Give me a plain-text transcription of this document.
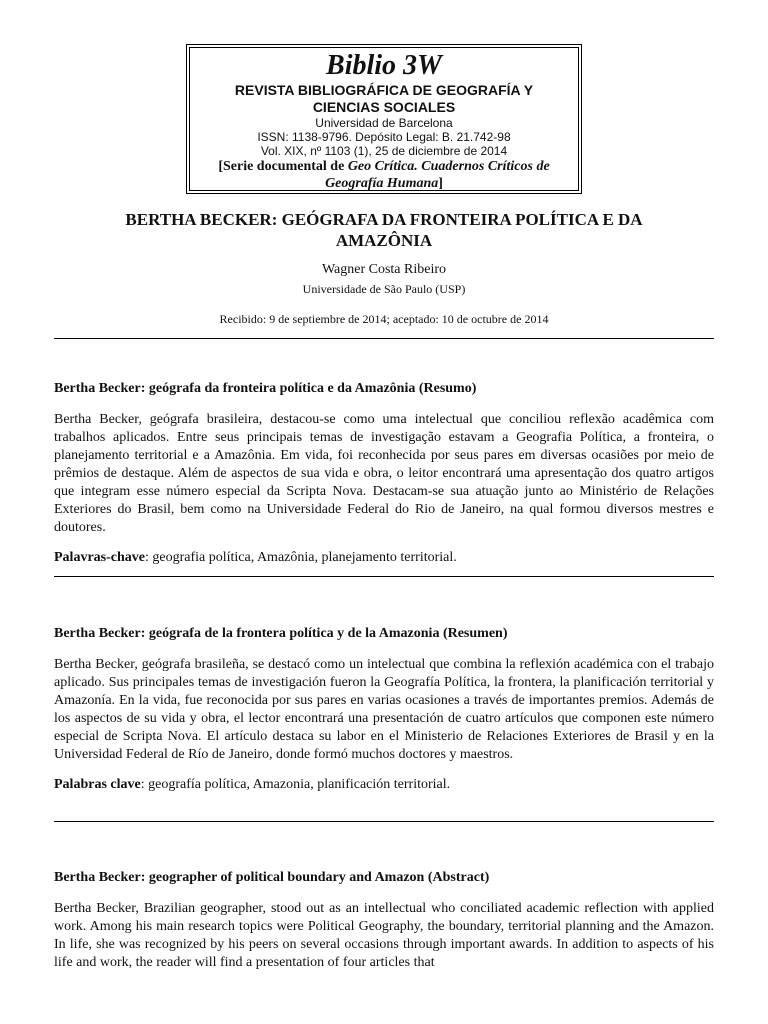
Biblio 3W
REVISTA BIBLIOGRÁFICA DE GEOGRAFÍA Y
CIENCIAS SOCIALES
Universidad de Barcelona
ISSN: 1138-9796. Depósito Legal: B. 21.742-98
Vol. XIX, nº 1103 (1), 25 de diciembre de 2014
[Serie documental de Geo Crítica. Cuadernos Críticos de Geografía Humana]
BERTHA BECKER: GEÓGRAFA DA FRONTEIRA POLÍTICA E DA AMAZÔNIA
Wagner Costa Ribeiro
Universidade de São Paulo (USP)
Recibido: 9 de septiembre de 2014; aceptado: 10 de octubre de 2014
Bertha Becker: geógrafa da fronteira política e da Amazônia (Resumo)

Bertha Becker, geógrafa brasileira, destacou-se como uma intelectual que conciliou reflexão acadêmica com trabalhos aplicados. Entre seus principais temas de investigação estavam a Geografia Política, a fronteira, o planejamento territorial e a Amazônia. Em vida, foi reconhecida por seus pares em diversas ocasiões por meio de prêmios de destaque. Além de aspectos de sua vida e obra, o leitor encontrará uma apresentação dos quatro artigos que integram esse número especial da Scripta Nova. Destacam-se sua atuação junto ao Ministério de Relações Exteriores do Brasil, bem como na Universidade Federal do Rio de Janeiro, na qual formou diversos mestres e doutores.

Palavras-chave: geografia política, Amazônia, planejamento territorial.
Bertha Becker: geógrafa de la frontera política y de la Amazonia (Resumen)

Bertha Becker, geógrafa brasileña, se destacó como un intelectual que combina la reflexión académica con el trabajo aplicado. Sus principales temas de investigación fueron la Geografía Política, la frontera, la planificación territorial y Amazonía. En la vida, fue reconocida por sus pares en varias ocasiones a través de importantes premios. Además de los aspectos de su vida y obra, el lector encontrará una presentación de cuatro artículos que componen este número especial de Scripta Nova. El artículo destaca su labor en el Ministerio de Relaciones Exteriores de Brasil y en la Universidad Federal de Río de Janeiro, donde formó muchos doctores y maestros.

Palabras clave: geografía política, Amazonia, planificación territorial.
Bertha Becker: geographer of political boundary and Amazon (Abstract)

Bertha Becker, Brazilian geographer, stood out as an intellectual who conciliated academic reflection with applied work. Among his main research topics were Political Geography, the boundary, territorial planning and the Amazon. In life, she was recognized by his peers on several occasions through important awards. In addition to aspects of his life and work, the reader will find a presentation of four articles that
